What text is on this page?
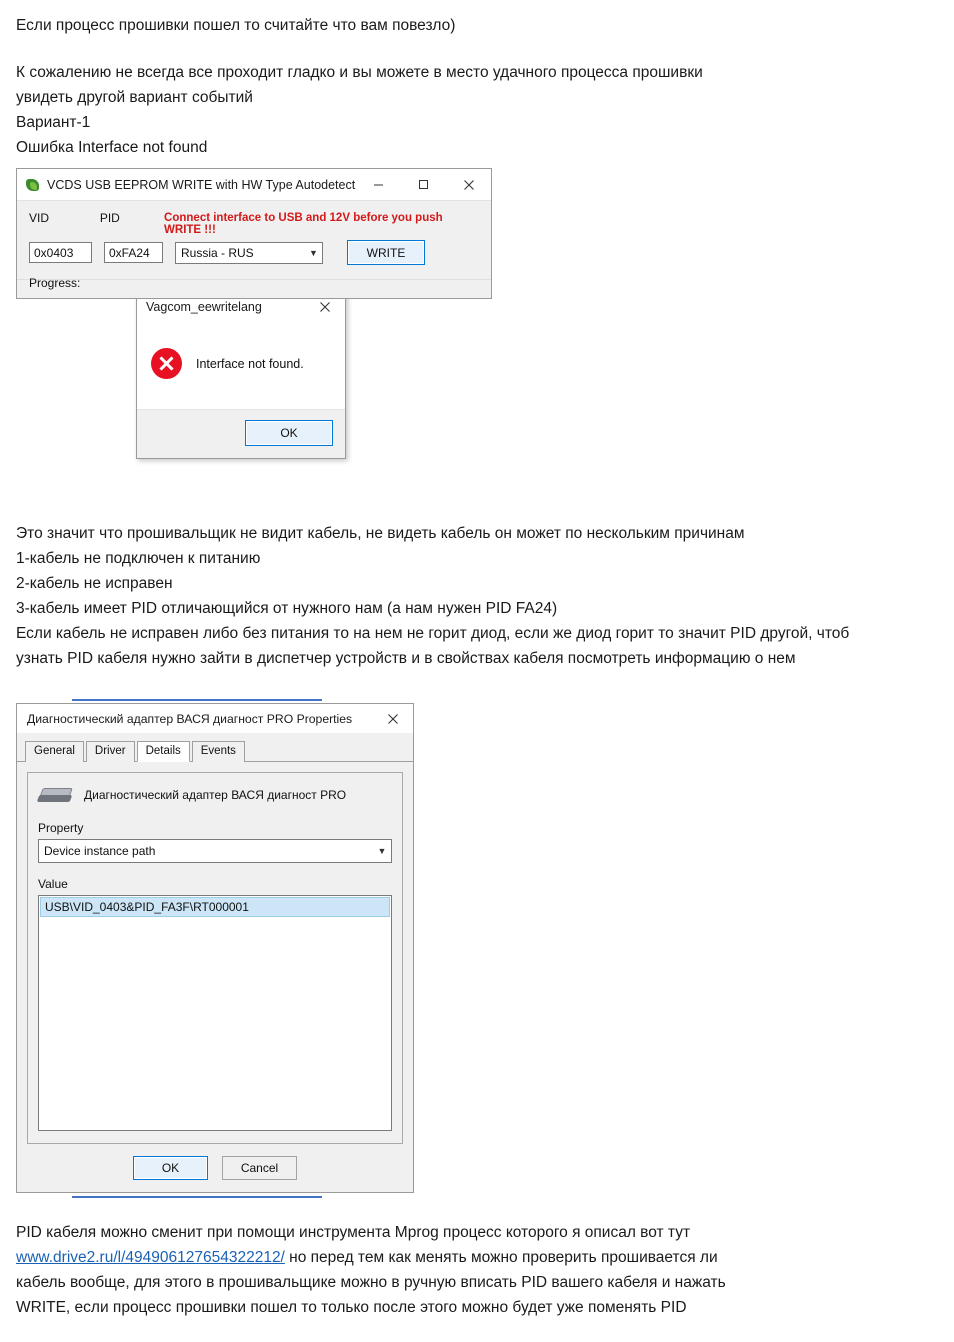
Если процесс прошивки пошел то считайте что вам повезло)

К сожалению не всегда все проходит гладко и вы можете в место удачного процесса прошивки

увидеть другой вариант событий

Вариант-1

Ошибка Interface not found

VCDS USB EEPROM WRITE with HW Type Autodetect
VID	PID	Connect interface to USB and 12V before you push WRITE !!!
0x0403	0xFA24	Russia - RUS	▼	WRITE
Progress:
Vagcom_eewritelang
Interface not found.
OK

Это значит что прошивальщик не видит кабель, не видеть кабель он может по нескольким причинам

1-кабель не подключен к питанию

2-кабель не исправен

3-кабель имеет PID отличающийся от нужного нам (а нам нужен PID FA24)

Если кабель не исправен либо без питания то на нем не горит диод, если же диод горит то значит PID другой, чтоб

узнать PID кабеля нужно зайти в диспетчер устройств и в свойствах кабеля посмотреть информацию о нем

Диагностический адаптер ВАСЯ диагност PRO Properties
General	Driver	Details	Events
Диагностический адаптер ВАСЯ диагност PRO
Property
Device instance path	▼
Value
USB\VID_0403&PID_FA3F\RT000001
OK	Cancel

PID кабеля можно сменит при помощи инструмента Mprog процесс которого я описал вот тут

www.drive2.ru/l/494906127654322212/ но перед тем как менять можно проверить прошивается ли

кабель вообще, для этого в прошивальщике можно в ручную вписать PID вашего кабеля и нажать

WRITE, если процесс прошивки пошел то только после этого можно будет уже поменять PID
